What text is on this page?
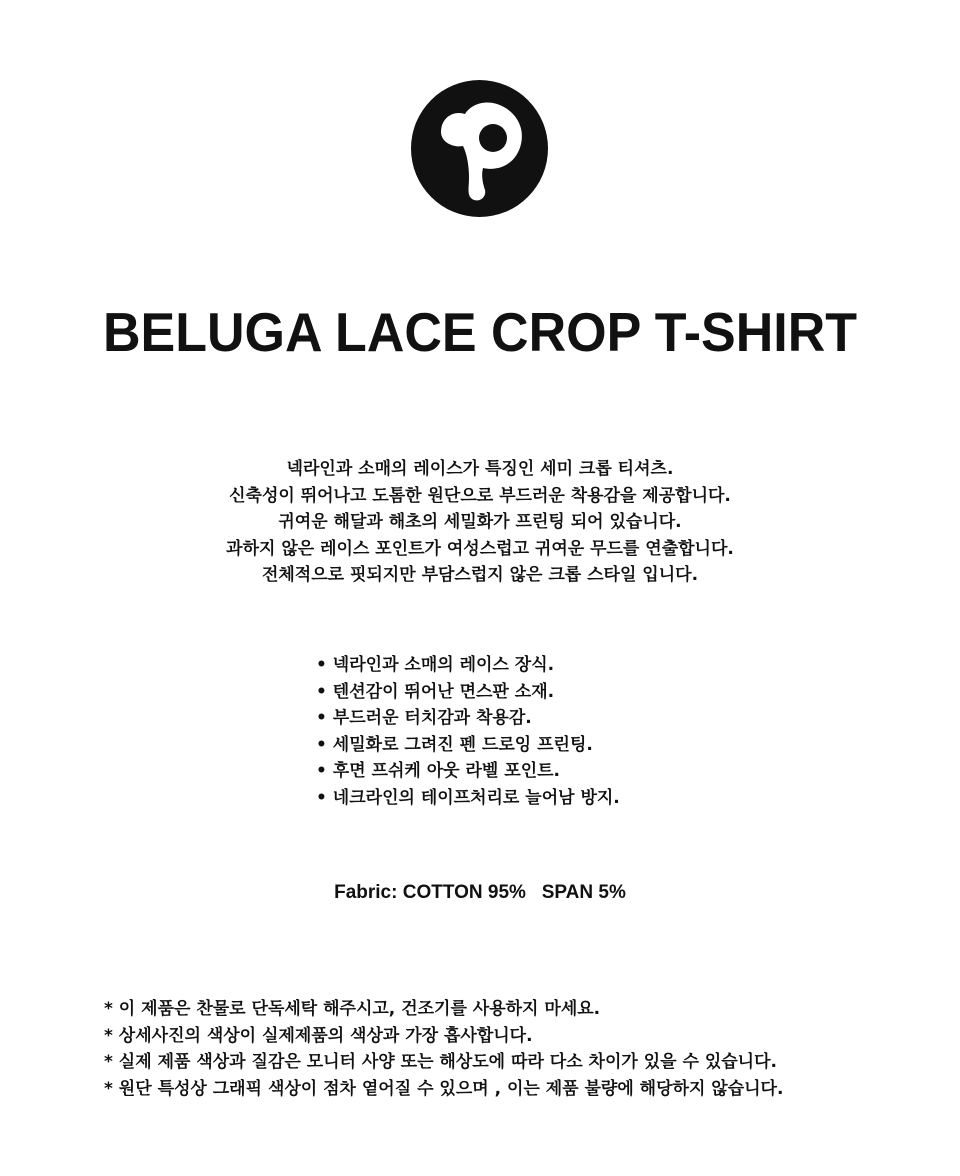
BELUGA LACE CROP T-SHIRT
넥라인과 소매의 레이스가 특징인 세미 크롭 티셔츠.
신축성이 뛰어나고 도톰한 원단으로 부드러운 착용감을 제공합니다.
귀여운 해달과 해초의 세밀화가 프린팅 되어 있습니다.
과하지 않은 레이스 포인트가 여성스럽고 귀여운 무드를 연출합니다.
전체적으로 핏되지만 부담스럽지 않은 크롭 스타일 입니다.
• 넥라인과 소매의 레이스 장식.
• 텐션감이 뛰어난 면스판 소재.
• 부드러운 터치감과 착용감.
• 세밀화로 그려진 펜 드로잉 프린팅.
• 후면 프쉬케 아웃 라벨 포인트.
• 네크라인의 테이프처리로 늘어남 방지.
Fabric: COTTON 95%   SPAN 5%
* 이 제품은 찬물로 단독세탁 해주시고, 건조기를 사용하지 마세요.
* 상세사진의 색상이 실제제품의 색상과 가장 흡사합니다.
* 실제 제품 색상과 질감은 모니터 사양 또는 해상도에 따라 다소 차이가 있을 수 있습니다.
* 원단 특성상 그래픽 색상이 점차 옅어질 수 있으며 , 이는 제품 불량에 해당하지 않습니다.
